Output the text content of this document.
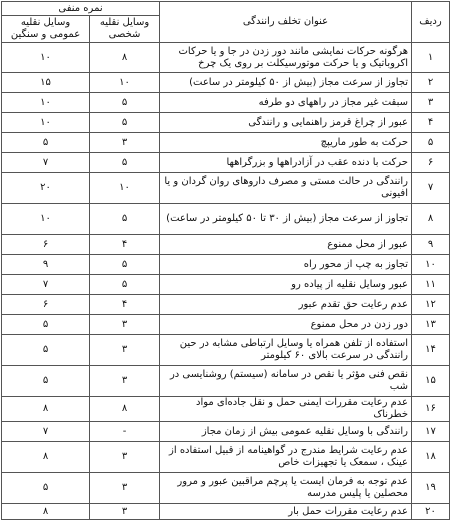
ردیف	عنوان تخلف رانندگی	نمره منفی	
		وسایل نقلیه شخصی	وسایل نقلیه عمومی و سنگین
۱	هرگونه حرکات نمایشی مانند دور زدن در جا و یا حرکات اکروباتیک و یا حرکت موتورسیکلت بر روی یک چرخ	۸	۱۰
۲	تجاوز از سرعت مجاز (بیش از ۵۰ کیلومتر در ساعت)	۱۰	۱۵
۳	سبقت غیر مجاز در راههای دو طرفه	۵	۱۰
۴	عبور از چراغ قرمز راهنمایی و رانندگی	۵	۱۰
۵	حرکت به طور ماریپچ	۳	۵
۶	حرکت با دنده عقب در آزادراهها و بزرگراهها	۵	۷
۷	رانندگی در حالت مستی و مصرف داروهای روان گردان و یا افیونی	۱۰	۲۰
۸	تجاوز از سرعت مجاز (بیش از ۳۰ تا ۵۰ کیلومتر در ساعت)	۵	۱۰
۹	عبور از محل ممنوع	۴	۶
۱۰	تجاوز به چپ از محور راه	۵	۹
۱۱	عبور وسایل نقلیه از پیاده رو	۵	۷
۱۲	عدم رعایت حق تقدم عبور	۴	۶
۱۳	دور زدن در محل ممنوع	۳	۵
۱۴	استفاده از تلفن همراه یا وسایل ارتباطی مشابه در حین رانندگی در سرعت بالای ۶۰ کیلومتر	۳	۵
۱۵	نقص فنی مؤثر یا نقص در سامانه (سیستم) روشنایسی در شب	۳	۵
۱۶	عدم رعایت مقررات ایمنی حمل و نقل جاده‌ای مواد خطرناک	۸	۸
۱۷	رانندگی با وسایل نقلیه عمومی بیش از زمان مجاز	-	۷
۱۸	عدم رعایت شرایط مندرج در گواهینامه از قبیل استفاده از عینک ، سمعک یا تجهیزات خاص	۳	۸
۱۹	عدم توجه به فرمان ایست یا پرچم مراقبین عبور و مرور محصلین یا پلیس مدرسه	۳	۵
۲۰	عدم رعایت مقررات حمل بار	۳	۸
